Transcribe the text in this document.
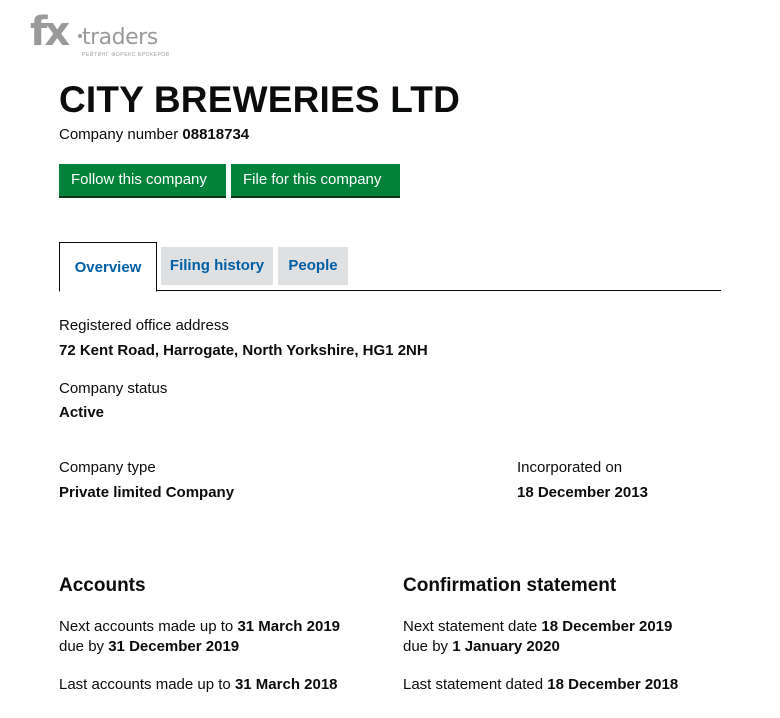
fx traders
РЕЙТИНГ ФОРЕКС БРОКЕРОВ
CITY BREWERIES LTD
Company number 08818734
Follow this company	File for this company
Overview	Filing history	People
Registered office address
72 Kent Road, Harrogate, North Yorkshire, HG1 2NH
Company status
Active
Company type
Private limited Company
Incorporated on
18 December 2013
Accounts
Next accounts made up to 31 March 2019
due by 31 December 2019
Last accounts made up to 31 March 2018
Confirmation statement
Next statement date 18 December 2019
due by 1 January 2020
Last statement dated 18 December 2018
